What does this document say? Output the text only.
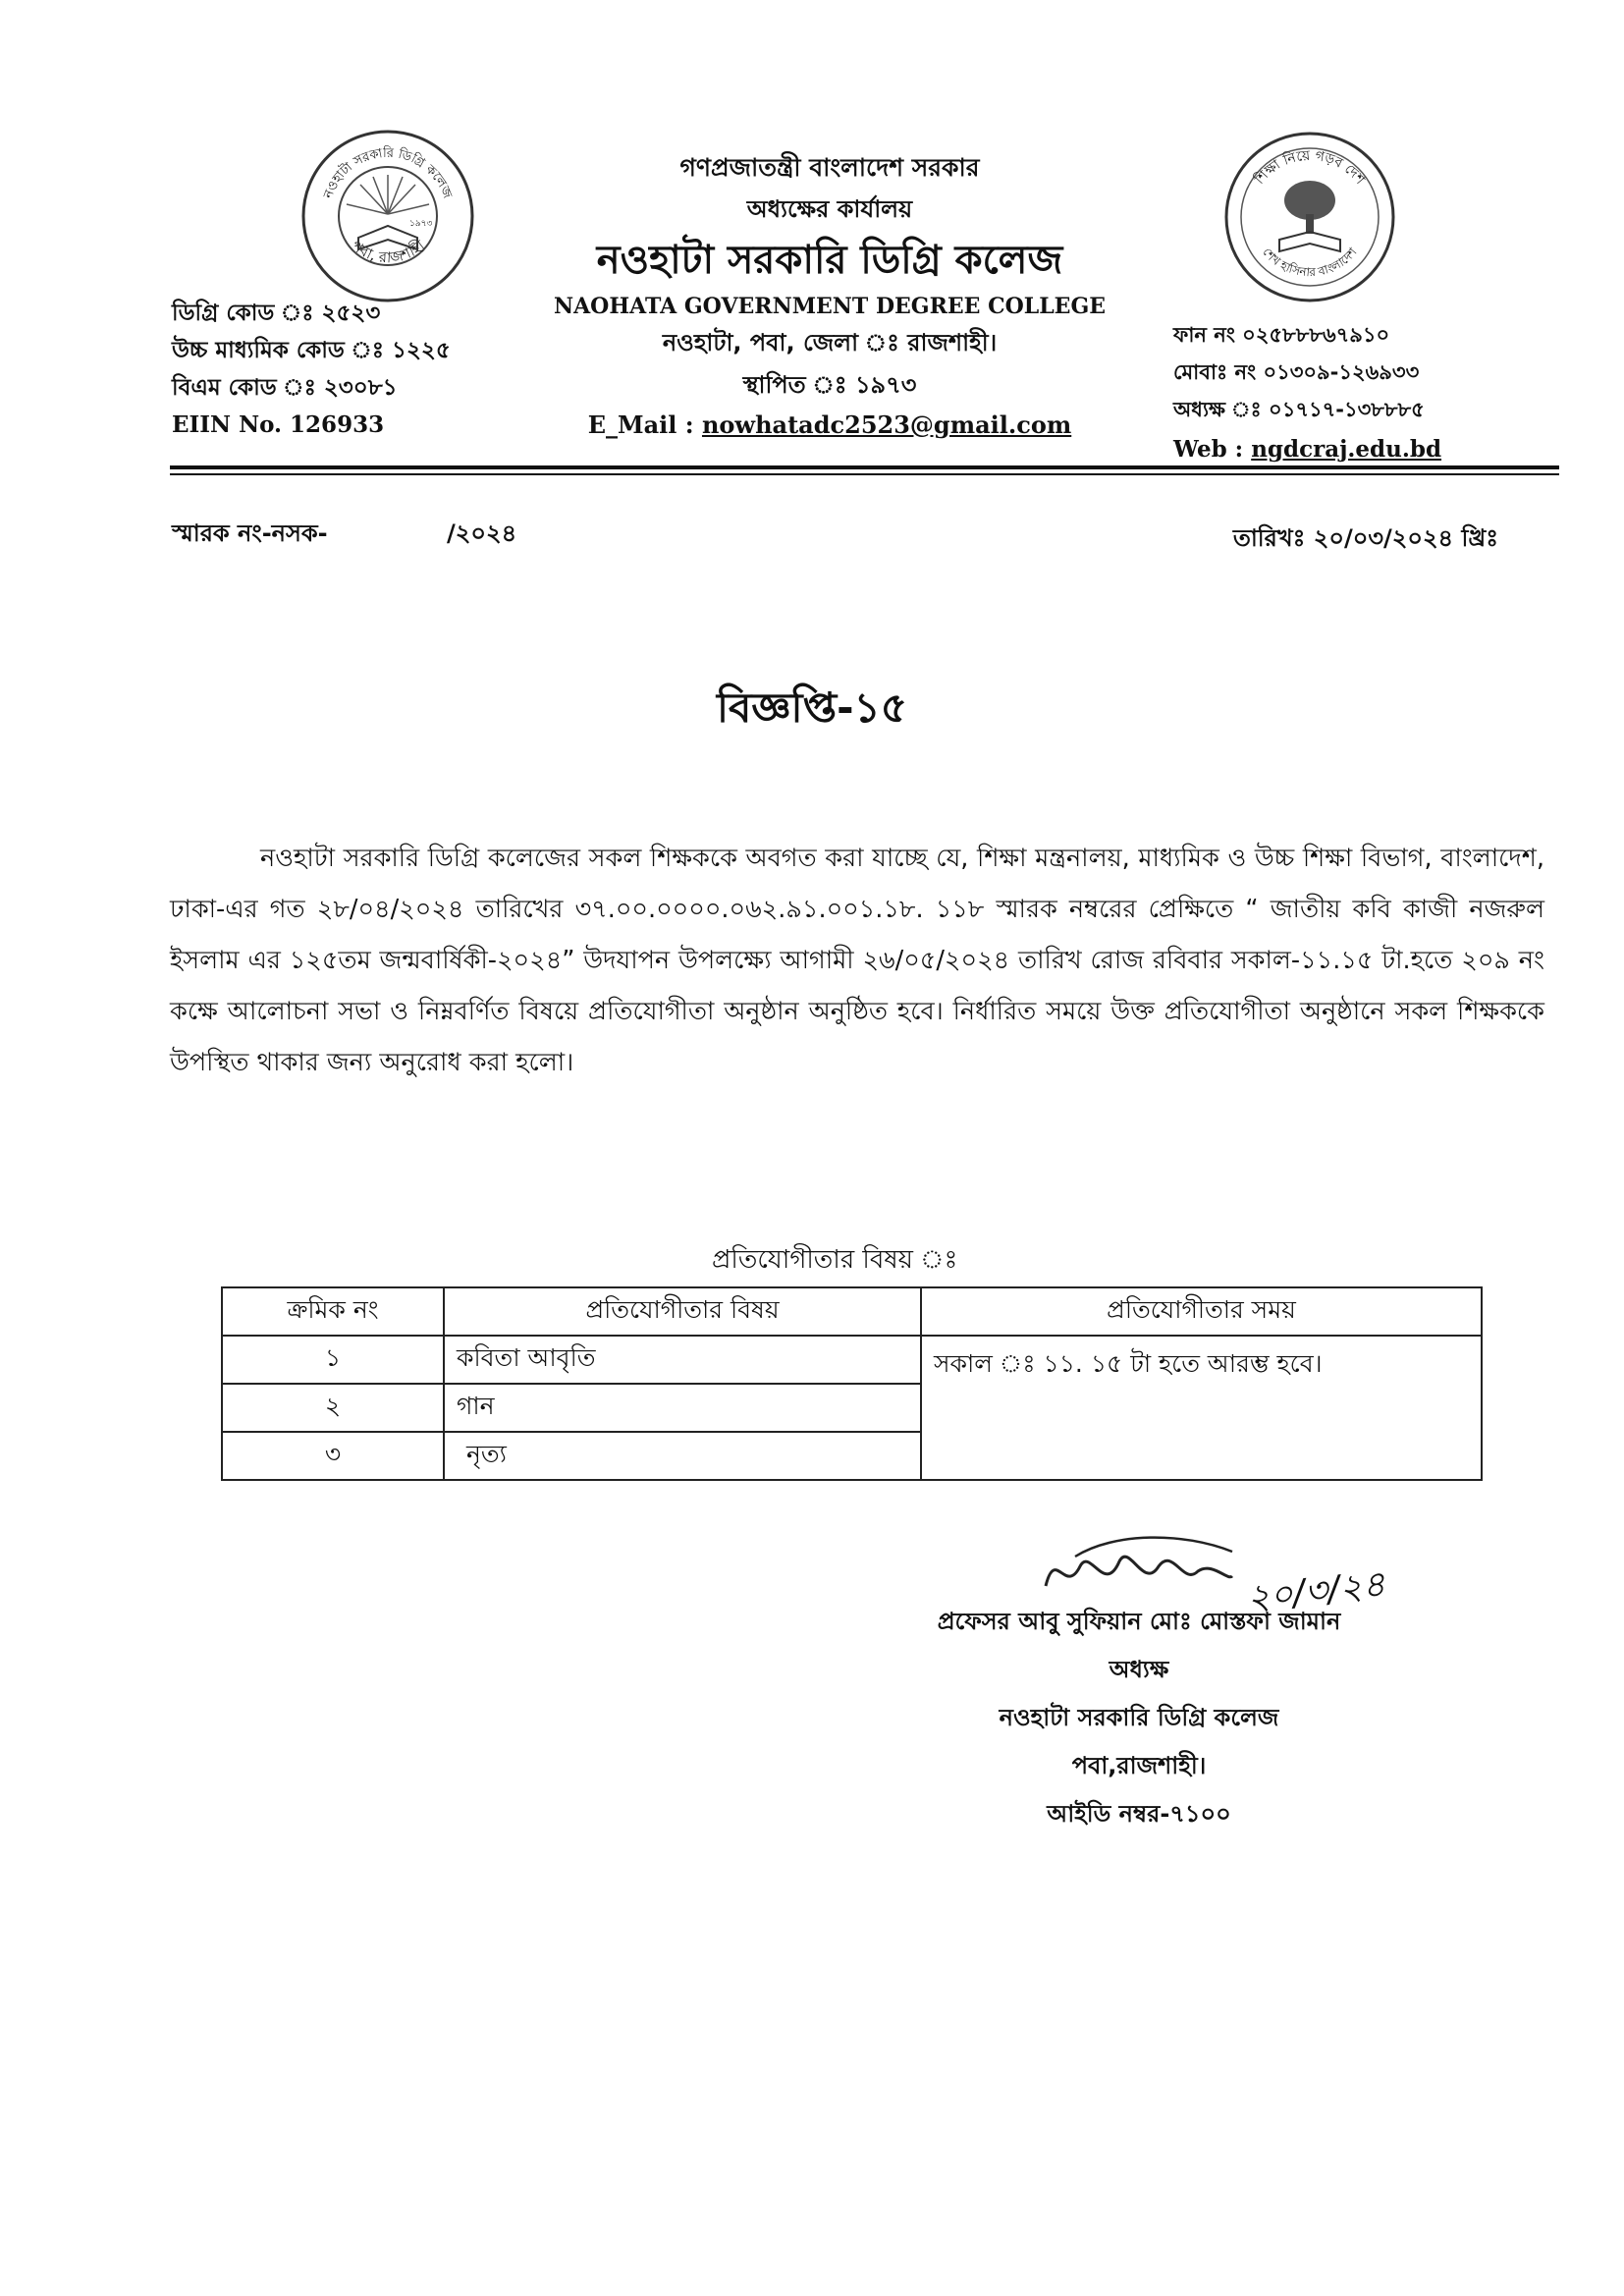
নওহাটা সরকারি ডিগ্রি কলেজ
পবা, রাজশাহী
১৯৭৩
শিক্ষা নিয়ে গড়ব দেশ
শেখ হাসিনার বাংলাদেশ
গণপ্রজাতন্ত্রী বাংলাদেশ সরকার
অধ্যক্ষের কার্যালয়
নওহাটা সরকারি ডিগ্রি কলেজ
NAOHATA GOVERNMENT DEGREE COLLEGE
নওহাটা, পবা, জেলা ঃ রাজশাহী।
স্থাপিত ঃ ১৯৭৩
E_Mail : nowhatadc2523@gmail.com
ডিগ্রি কোড ঃ ২৫২৩
উচ্চ মাধ্যমিক কোড ঃ ১২২৫
বিএম কোড ঃ ২৩০৮১
EIIN No. 126933
ফান নং ০২৫৮৮৮৬৭৯১০
মোবাঃ নং ০১৩০৯-১২৬৯৩৩
অধ্যক্ষ ঃ ০১৭১৭-১৩৮৮৮৫
Web : ngdcraj.edu.bd
স্মারক নং-নসক-	/২০২৪	তারিখঃ ২০/০৩/২০২৪ খ্রিঃ
বিজ্ঞপ্তি-১৫

নওহাটা সরকারি ডিগ্রি কলেজের সকল শিক্ষককে অবগত করা যাচ্ছে যে, শিক্ষা মন্ত্রনালয়, মাধ্যমিক ও উচ্চ শিক্ষা বিভাগ, বাংলাদেশ, ঢাকা-এর গত ২৮/০৪/২০২৪ তারিখের ৩৭.০০.০০০০.০৬২.৯১.০০১.১৮. ১১৮ স্মারক নম্বরের প্রেক্ষিতে “ জাতীয় কবি কাজী নজরুল ইসলাম এর ১২৫তম জন্মবার্ষিকী-২০২৪” উদযাপন উপলক্ষ্যে আগামী ২৬/০৫/২০২৪ তারিখ রোজ রবিবার সকাল-১১.১৫ টা.হতে ২০৯ নং কক্ষে আলোচনা সভা ও নিম্নবর্ণিত বিষয়ে প্রতিযোগীতা অনুষ্ঠান অনুষ্ঠিত হবে। নির্ধারিত সময়ে উক্ত প্রতিযোগীতা অনুষ্ঠানে সকল শিক্ষককে উপস্থিত থাকার জন্য অনুরোধ করা হলো।

প্রতিযোগীতার বিষয় ঃ
ক্রমিক নং	প্রতিযোগীতার বিষয়	প্রতিযোগীতার সময়
১	কবিতা আবৃতি	সকাল ঃ ১১. ১৫ টা হতে আরম্ভ হবে।
২	গান	
৩	নৃত্য	
২০/৩/২৪
প্রফেসর আবু সুফিয়ান মোঃ মোস্তফা জামান
অধ্যক্ষ
নওহাটা সরকারি ডিগ্রি কলেজ
পবা,রাজশাহী।
আইডি নম্বর-৭১০০
